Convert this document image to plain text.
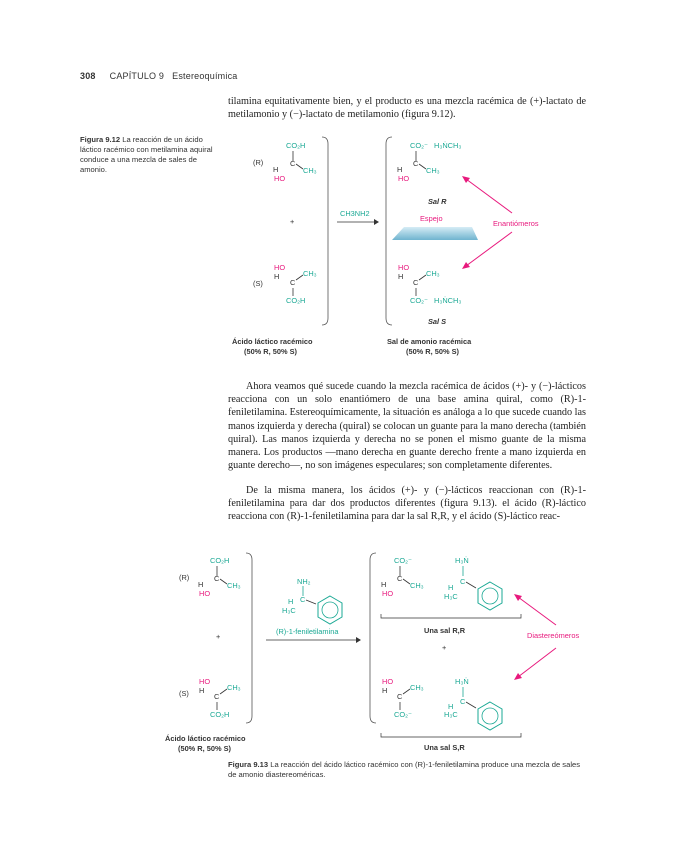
308 CAPÍTULO 9 Estereoquímica
tilamina equitativamente bien, y el producto es una mezcla racémica de (+)-lactato de metilamonio y (−)-lactato de metilamonio (figura 9.12).
Figura 9.12 La reacción de un ácido láctico racémico con metilamina aquiral conduce a una mezcla de sales de amonio.
(R)
(S)
CO₂H
H
C
CH₃
HO
+
HO
H
C
CH₃
CO₂H
CH3NH2
CO₂⁻ H₃ṄCH₃
H
C
CH₃
HO
Sal R
Espejo
Enantiómeros
HO
H
C
CH₃
CO₂⁻ H₃ṄCH₃
Sal S
Ácido láctico racémico
(50% R, 50% S)
Sal de amonio racémica
(50% R, 50% S)
Ahora veamos qué sucede cuando la mezcla racémica de ácidos (+)- y (−)-lácticos reacciona con un solo enantiómero de una base amina quiral, como (R)-1-feniletilamina. Estereoquímicamente, la situación es análoga a lo que sucede cuando las manos izquierda y derecha (quiral) se colocan un guante para la mano derecha (también quiral). Las manos izquierda y derecha no se ponen el mismo guante de la misma manera. Los productos —mano derecha en guante derecho frente a mano izquierda en guante derecho—, no son imágenes especulares; son completamente diferentes.
De la misma manera, los ácidos (+)- y (−)-lácticos reaccionan con (R)-1-feniletilamina para dar dos productos diferentes (figura 9.13). el ácido (R)-láctico reacciona con (R)-1-feniletilamina para dar la sal R,R, y el ácido (S)-láctico reac-
(R)
(S)
CO₂H
H
C
CH₃
HO
+
HO
H
C
CH₃
CO₂H
NH₂
H C
H₃C
(R)-1-feniletilamina
CO₂⁻
H
C
CH₃
HO
H₃Ṅ
H
C
H₃C
Una sal R,R
+
Diastereómeros
HO
H
C
CH₃
CO₂⁻
H₃Ṅ
H
C
H₃C
Una sal S,R
Ácido láctico racémico
(50% R, 50% S)
Figura 9.13 La reacción del ácido láctico racémico con (R)-1-feniletilamina produce una mezcla de sales de amonio diastereoméricas.
